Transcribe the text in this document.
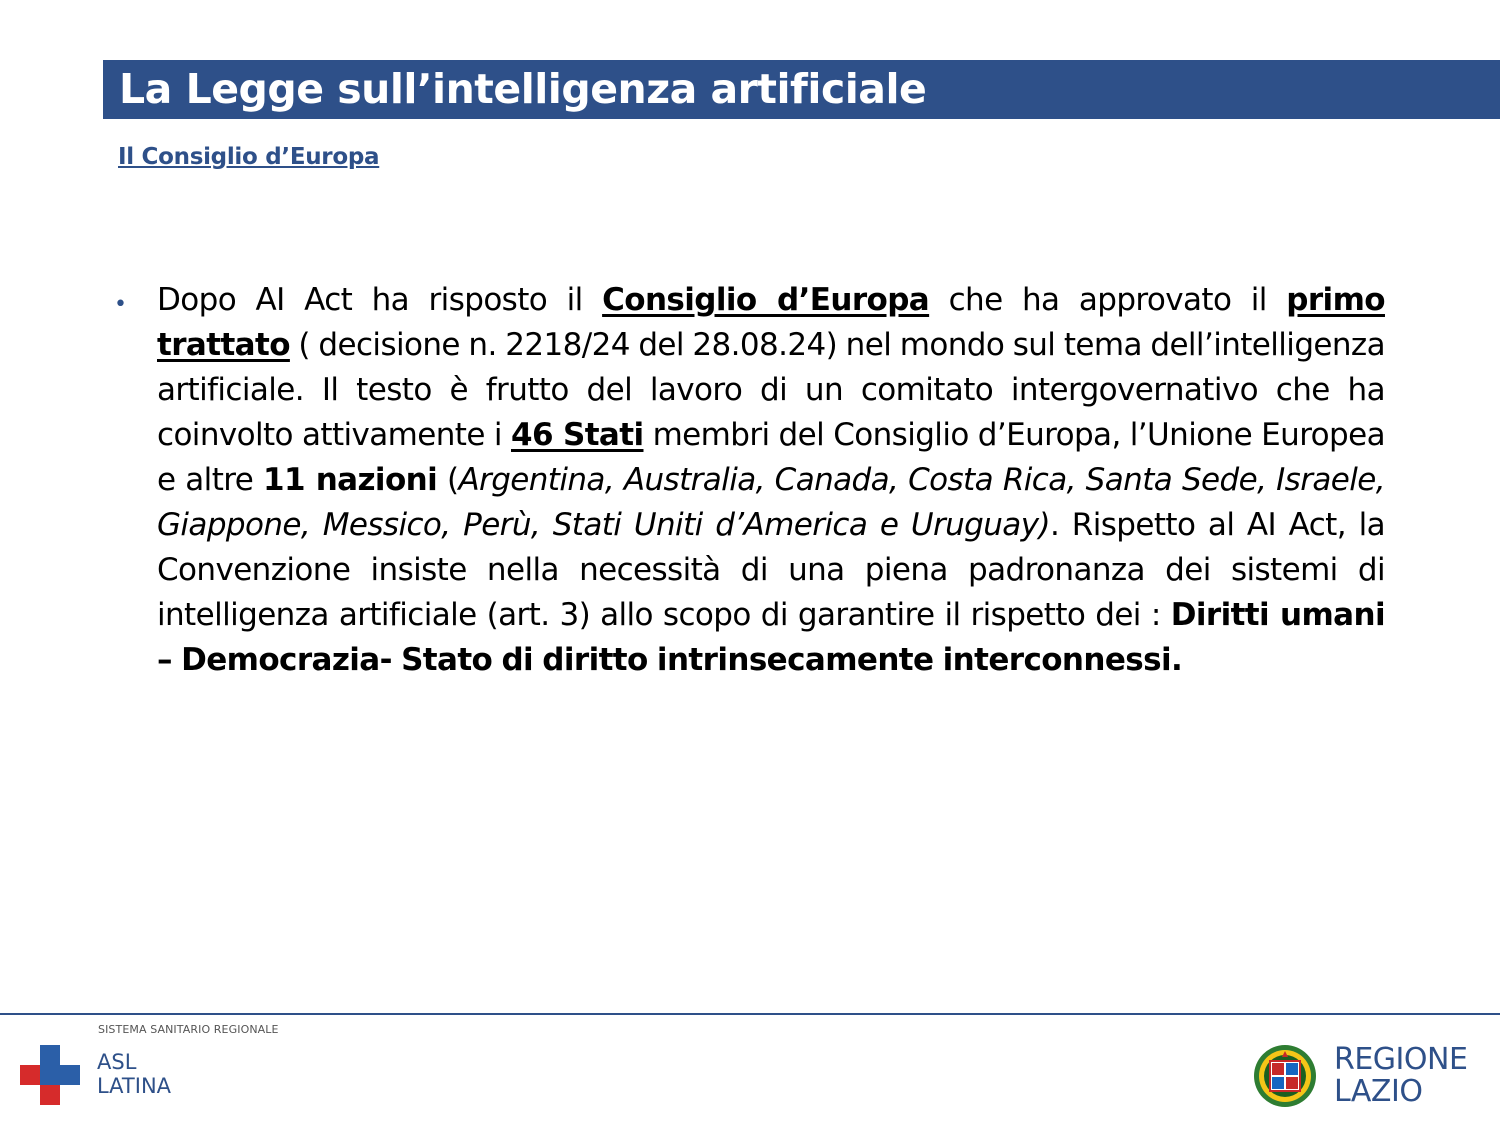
La Legge sull’intelligenza artificiale
Il Consiglio d’Europa
• Dopo AI Act ha risposto il Consiglio d’Europa che ha approvato il primo trattato ( decisione n. 2218/24 del 28.08.24) nel mondo sul tema dell’intelligenza artificiale. Il testo è frutto del lavoro di un comitato intergovernativo che ha coinvolto attivamente i 46 Stati membri del Consiglio d’Europa, l’Unione Europea e altre 11 nazioni (Argentina, Australia, Canada, Costa Rica, Santa Sede, Israele, Giappone, Messico, Perù, Stati Uniti d’America e Uruguay). Rispetto al AI Act, la Convenzione insiste nella necessità di una piena padronanza dei sistemi di intelligenza artificiale (art. 3) allo scopo di garantire il rispetto dei : Diritti umani – Democrazia- Stato di diritto intrinsecamente interconnessi.
SISTEMA SANITARIO REGIONALE
ASL
LATINA
REGIONE
LAZIO
